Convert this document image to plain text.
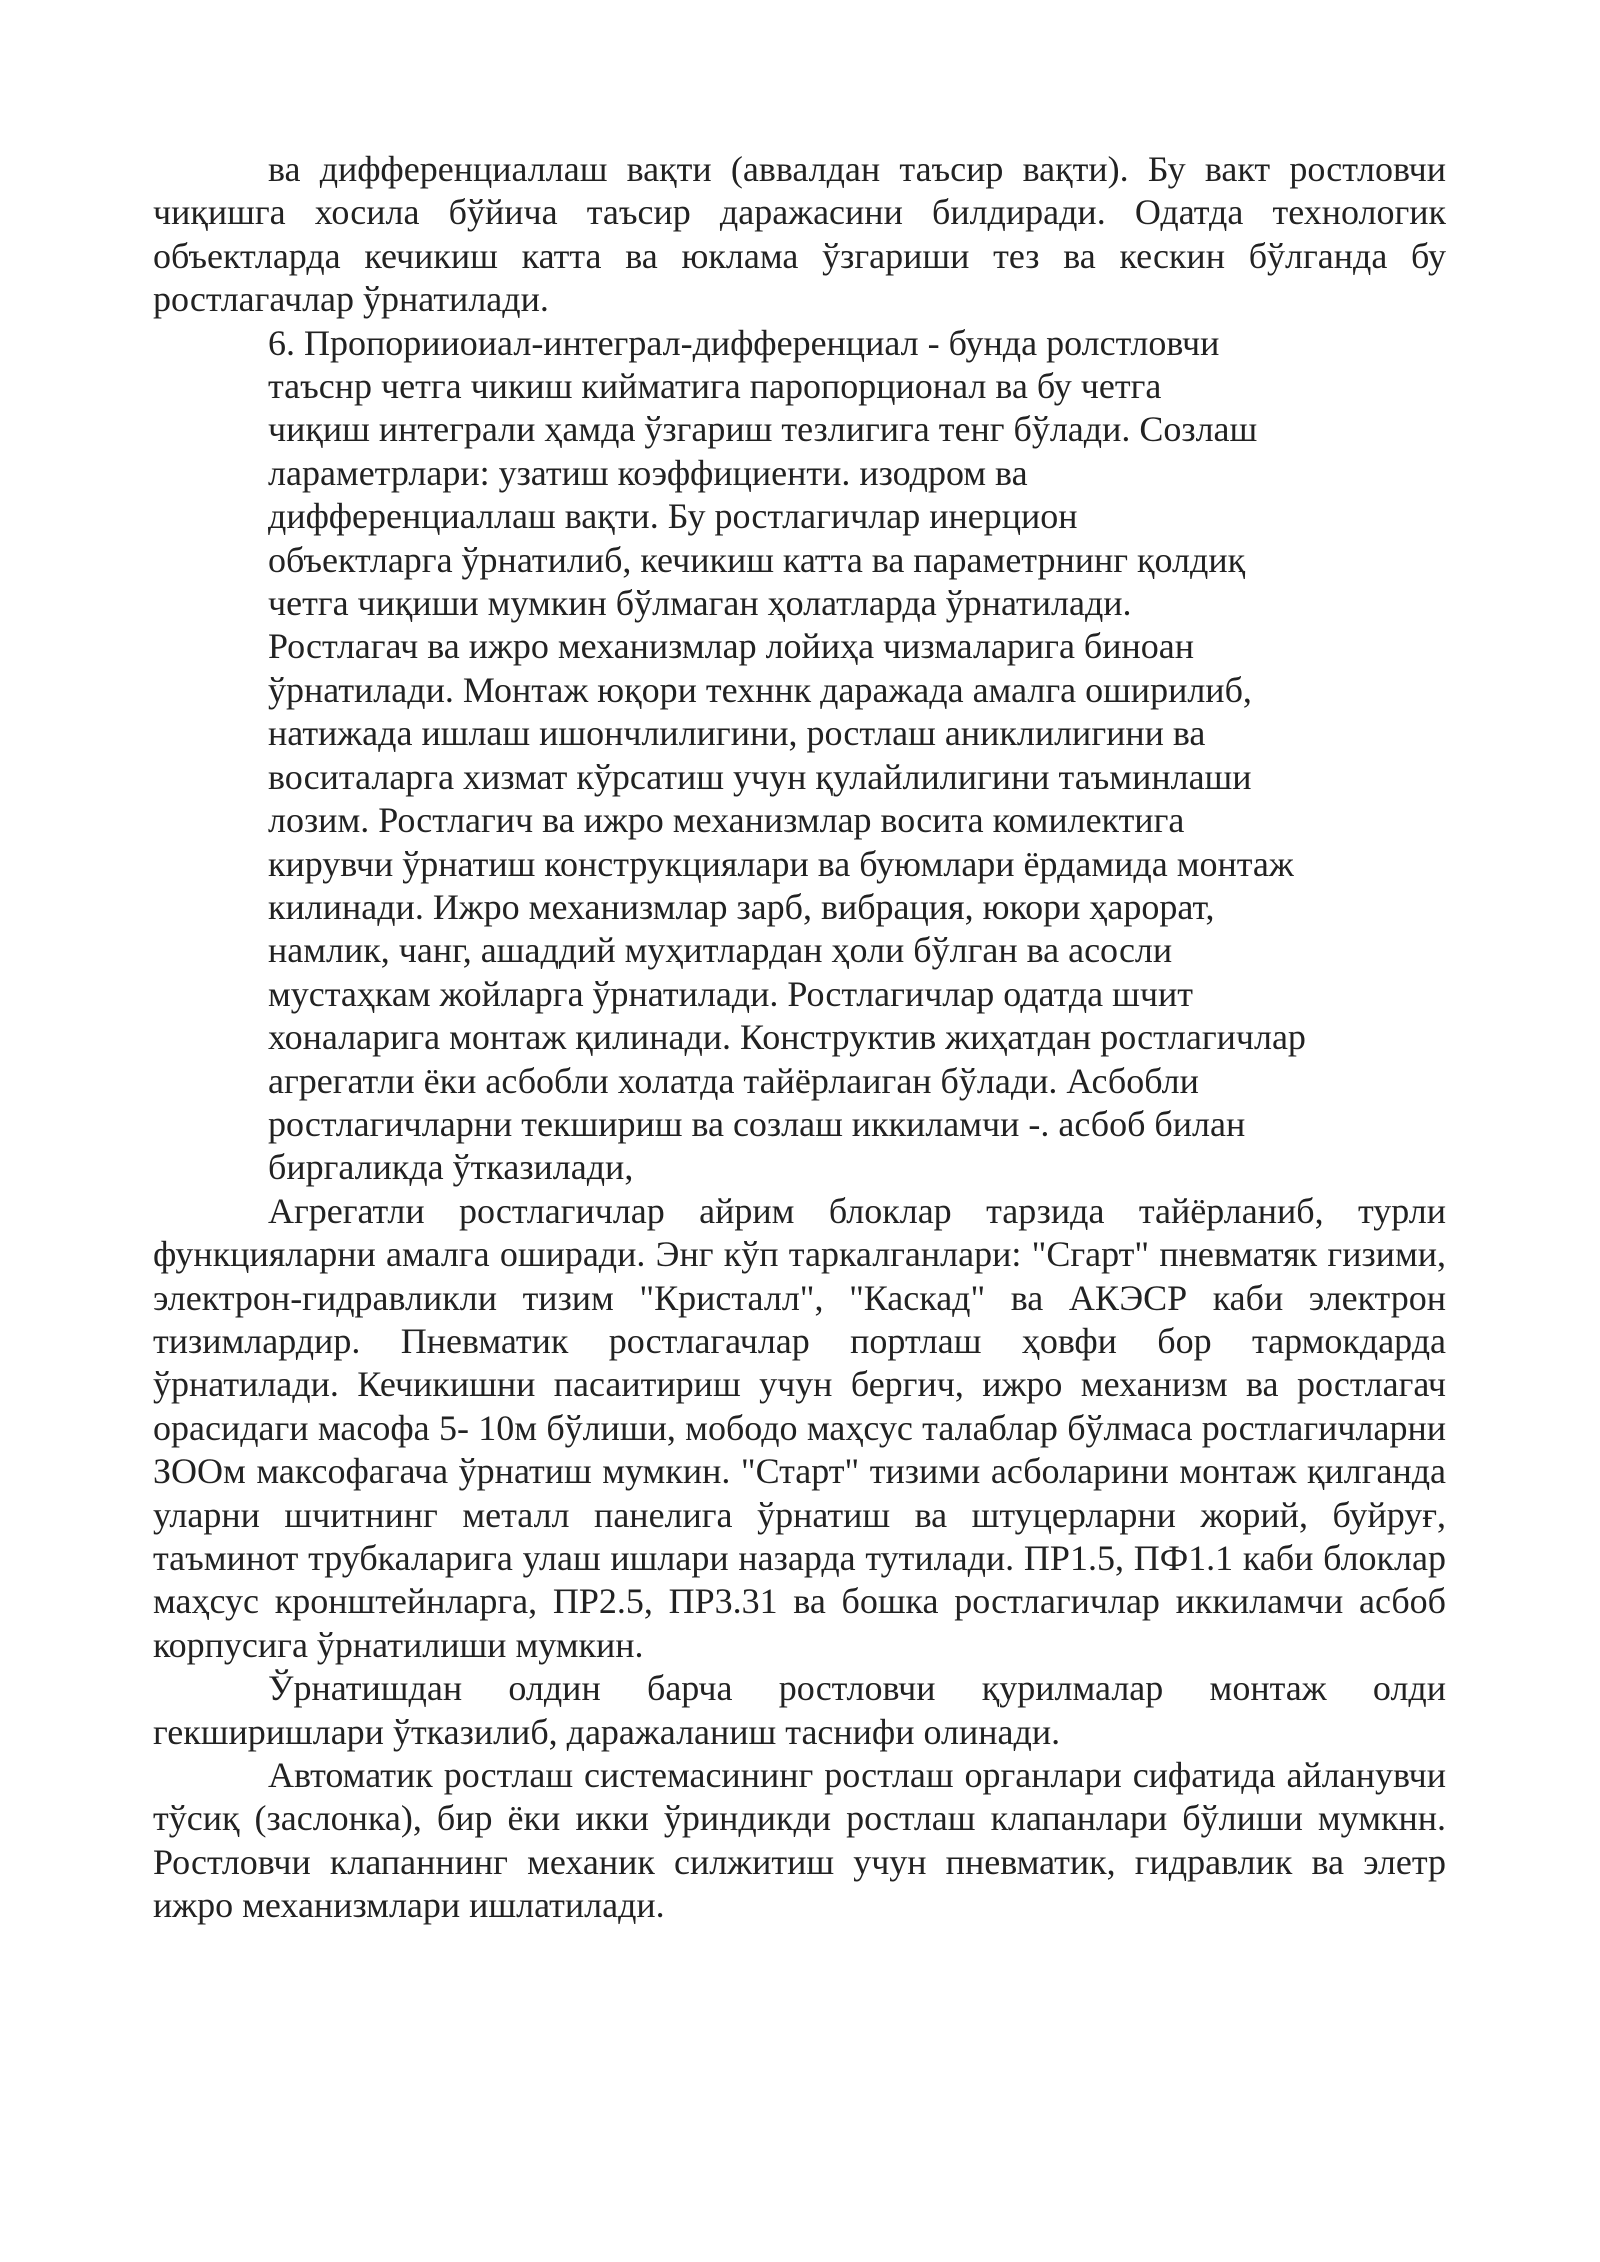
ва дифференциаллаш вақти (аввалдан таъсир вақти). Бу вакт ростловчи чиқишга хосила бўйича таъсир даражасини билдиради. Одатда технологик объектларда кечикиш катта ва юклама ўзгариши тез ва кескин бўлганда бу ростлагачлар ўрнатилади.

6. Пропорииоиал-интеграл-дифференциал - бунда ролстловчи
таъснр четга чикиш кийматига паропорционал ва бу четга
чиқиш интеграли ҳамда ўзгариш тезлигига тенг бўлади. Созлаш
лараметрлари: узатиш коэффициенти. изодром ва
дифференциаллаш вақти. Бу ростлагичлар инерцион
объектларга ўрнатилиб, кечикиш катта ва параметрнинг қолдиқ
четга чиқиши мумкин бўлмаган ҳолатларда ўрнатилади.
Ростлагач ва ижро механизмлар лойиҳа чизмаларига биноан
ўрнатилади. Монтаж юқори техннк даражада амалга оширилиб,
натижада ишлаш ишончлилигини, ростлаш аниклилигини ва
воситаларга хизмат кўрсатиш учун қулайлилигини таъминлаши
лозим. Ростлагич ва ижро механизмлар восита комилектига
кирувчи ўрнатиш конструкциялари ва буюмлари ёрдамида монтаж
килинади. Ижро механизмлар зарб, вибрация, юкори ҳарорат,
намлик, чанг, ашаддий муҳитлардан ҳоли бўлган ва асосли
мустаҳкам жойларга ўрнатилади. Ростлагичлар одатда шчит
хоналарига монтаж қилинади. Конструктив жиҳатдан ростлагичлар
агрегатли ёки асбобли холатда тайёрлаиган бўлади. Асбобли
ростлагичларни текшириш ва созлаш иккиламчи -. асбоб билан
биргаликда ўтказилади,

Агрегатли ростлагичлар айрим блоклар тарзида тайёрланиб, турли функцияларни амалга оширади. Энг кўп таркалганлари: "Сгарт" пневматяк гизими, электрон-гидравликли тизим "Кристалл", "Каскад" ва АКЭСР каби электрон тизимлардир. Пневматик ростлагачлар портлаш ҳовфи бор тармокдарда ўрнатилади. Кечикишни пасаитириш учун бергич, ижро механизм ва ростлагач орасидаги масофа 5- 10м бўлиши, мободо маҳсус талаблар бўлмаса ростлагичларни ЗООм максофагача ўрнатиш мумкин. "Старт" тизими асболарини монтаж қилганда уларни шчитнинг металл панелига ўрнатиш ва штуцерларни жорий, буйруғ, таъминот трубкаларига улаш ишлари назарда тутилади. ПР1.5, ПФ1.1 каби блоклар маҳсус кронштейнларга, ПР2.5, ПР3.31 ва бошка ростлагичлар иккиламчи асбоб корпусига ўрнатилиши мумкин.

Ўрнатишдан олдин барча ростловчи қурилмалар монтаж олди гекширишлари ўтказилиб, даражаланиш таснифи олинади.

Автоматик ростлаш системасининг ростлаш органлари сифатида айланувчи тўсиқ (заслонка), бир ёки икки ўриндикди ростлаш клапанлари бўлиши мумкнн. Ростловчи клапаннинг механик силжитиш учун пневматик, гидравлик ва элетр ижро механизмлари ишлатилади.
